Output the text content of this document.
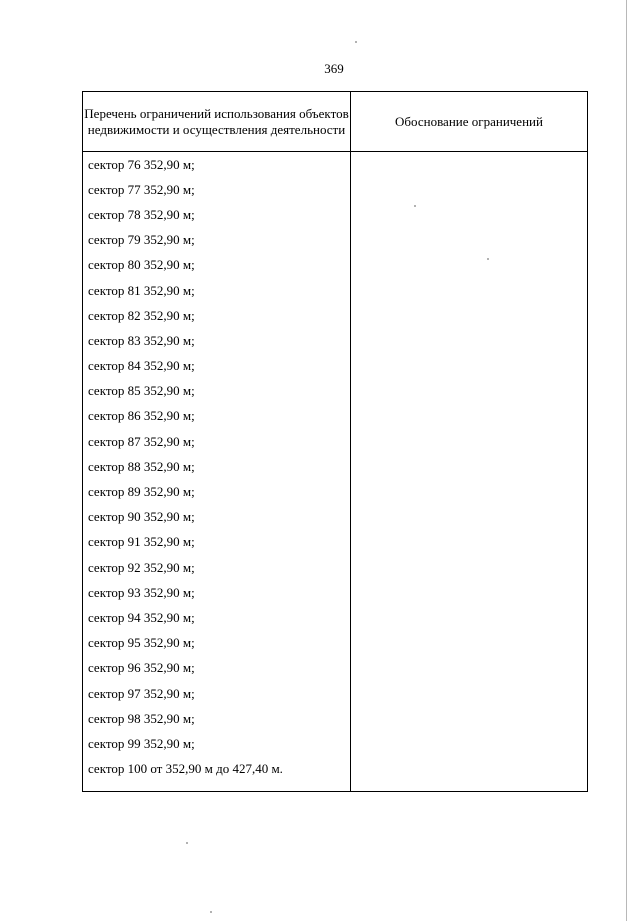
369
Перечень ограничений использования объектов недвижимости и осуществления деятельности	Обоснование ограничений
сектор 76 352,90 м;	
сектор 77 352,90 м;	
сектор 78 352,90 м;	
сектор 79 352,90 м;	
сектор 80 352,90 м;	
сектор 81 352,90 м;	
сектор 82 352,90 м;	
сектор 83 352,90 м;	
сектор 84 352,90 м;	
сектор 85 352,90 м;	
сектор 86 352,90 м;	
сектор 87 352,90 м;	
сектор 88 352,90 м;	
сектор 89 352,90 м;	
сектор 90 352,90 м;	
сектор 91 352,90 м;	
сектор 92 352,90 м;	
сектор 93 352,90 м;	
сектор 94 352,90 м;	
сектор 95 352,90 м;	
сектор 96 352,90 м;	
сектор 97 352,90 м;	
сектор 98 352,90 м;	
сектор 99 352,90 м;	
сектор 100 от 352,90 м до 427,40 м.	
